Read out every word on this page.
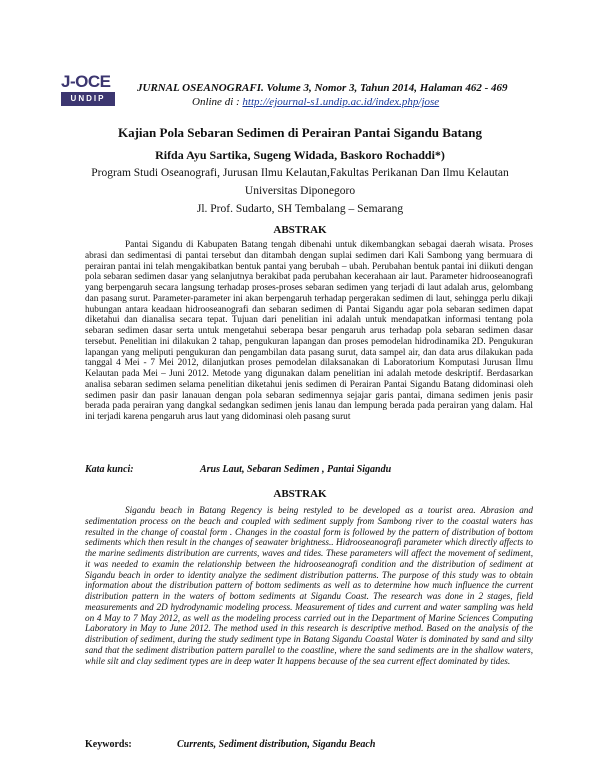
J-OCE
UNDIP
JURNAL OSEANOGRAFI. Volume 3, Nomor 3, Tahun 2014, Halaman 462 - 469
Online di : http://ejournal-s1.undip.ac.id/index.php/jose
Kajian Pola Sebaran Sedimen di Perairan Pantai Sigandu Batang
Rifda Ayu Sartika, Sugeng Widada, Baskoro Rochaddi*)
Program Studi Oseanografi, Jurusan Ilmu Kelautan,Fakultas Perikanan Dan Ilmu Kelautan
Universitas Diponegoro
Jl. Prof. Sudarto, SH Tembalang – Semarang
ABSTRAK

Pantai Sigandu di Kabupaten Batang tengah dibenahi untuk dikembangkan sebagai daerah wisata. Proses abrasi dan sedimentasi di pantai tersebut dan ditambah dengan suplai sedimen dari Kali Sambong yang bermuara di perairan pantai ini telah mengakibatkan bentuk pantai yang berubah – ubah. Perubahan bentuk pantai ini diikuti dengan pola sebaran sedimen dasar yang selanjutnya berakibat pada perubahan kecerahaan air laut. Parameter hidrooseanografi yang berpengaruh secara langsung terhadap proses-proses sebaran sedimen yang terjadi di laut adalah arus, gelombang dan pasang surut. Parameter-parameter ini akan berpengaruh terhadap pergerakan sedimen di laut, sehingga perlu dikaji hubungan antara keadaan hidrooseanografi dan sebaran sedimen di Pantai Sigandu agar pola sebaran sedimen dapat diketahui dan dianalisa secara tepat. Tujuan dari penelitian ini adalah untuk mendapatkan informasi tentang pola sebaran sedimen dasar serta untuk mengetahui seberapa besar pengaruh arus terhadap pola sebaran sedimen dasar tersebut. Penelitian ini dilakukan 2 tahap, pengukuran lapangan dan proses pemodelan hidrodinamika 2D. Pengukuran lapangan yang meliputi pengukuran dan pengambilan data pasang surut, data sampel air, dan data arus dilakukan pada tanggal 4 Mei - 7 Mei 2012, dilanjutkan proses pemodelan dilaksanakan di Laboratorium Komputasi Jurusan Ilmu Kelautan pada Mei – Juni 2012. Metode yang digunakan dalam penelitian ini adalah metode deskriptif. Berdasarkan analisa sebaran sedimen selama penelitian diketahui jenis sedimen di Perairan Pantai Sigandu Batang didominasi oleh sedimen pasir dan pasir lanauan dengan pola sebaran sedimennya sejajar garis pantai, dimana sedimen jenis pasir berada pada perairan yang dangkal sedangkan sedimen jenis lanau dan lempung berada pada perairan yang dalam. Hal ini terjadi karena pengaruh arus laut yang didominasi oleh pasang surut

Kata kunci:	Arus Laut, Sebaran Sedimen , Pantai Sigandu
ABSTRAK

Sigandu beach in Batang Regency is being restyled to be developed as a tourist area. Abrasion and sedimentation process on the beach and coupled with sediment supply from Sambong river to the coastal waters has resulted in the change of coastal form . Changes in the coastal form is followed by the pattern of distribution of bottom sediments which then result in the changes of seawater brightness.. Hidrooseanografi parameter which directly affects to the marine sediments distribution are currents, waves and tides. These parameters will affect the movement of sediment, it was needed to examin the relationship between the hidrooseanografi condition and the distribution of sediment at Sigandu beach in order to identity analyze the sediment distribution patterns. The purpose of this study was to obtain information about the distribution pattern of bottom sediments as well as to determine how much influence the current distribution pattern in the waters of bottom sediments at Sigandu Coast. The research was done in 2 stages, field measurements and 2D hydrodynamic modeling process. Measurement of tides and current and water sampling was held on 4 May to 7 May 2012, as well as the modeling process carried out in the Department of Marine Sciences Computing Laboratory in May to June 2012. The method used in this research is descriptive method. Based on the analysis of the distribution of sediment, during the study sediment type in Batang Sigandu Coastal Water is dominated by sand and silty sand that the sediment distribution pattern parallel to the coastline, where the sand sediments are in the shallow waters, while silt and clay sediment types are in deep water It happens because of the sea current effect dominated by tides.

Keywords:	Currents, Sediment distribution, Sigandu Beach
